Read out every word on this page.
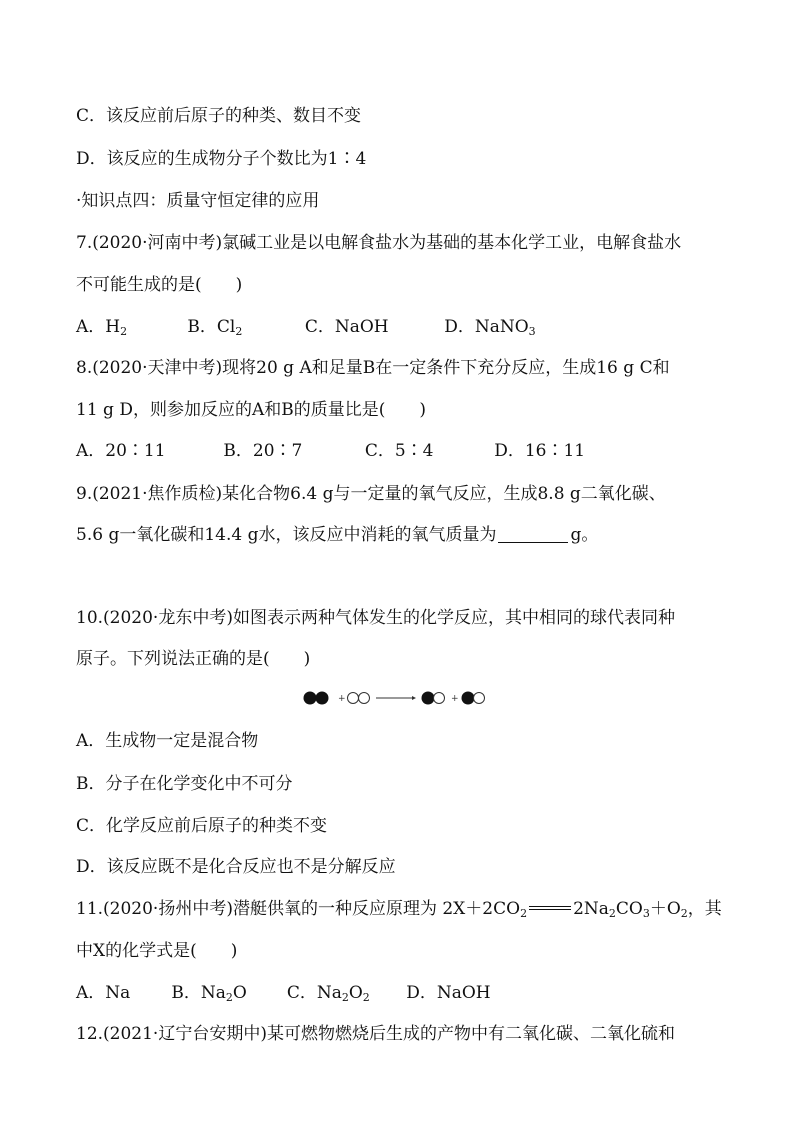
C．该反应前后原子的种类、数目不变
D．该反应的生成物分子个数比为1∶4
·知识点四：质量守恒定律的应用
7.(2020·河南中考)氯碱工业是以电解食盐水为基础的基本化学工业，电解食盐水
不可能生成的是(　　)
A．$H_2$	B．$Cl_2$	C．NaOH	D．NaNO$_3$
8.(2020·天津中考)现将20 g A和足量B在一定条件下充分反应，生成16 g C和
11 g D，则参加反应的A和B的质量比是(　　)
A．20∶11	B．20∶7	C．5∶4	D．16∶11
9.(2021·焦作质检)某化合物6.4 g与一定量的氧气反应，生成8.8 g二氧化碳、
5.6 g一氧化碳和14.4 g水，该反应中消耗的氧气质量为	g。
10.(2020·龙东中考)如图表示两种气体发生的化学反应，其中相同的球代表同种
原子。下列说法正确的是(　　)
+	+
A．生成物一定是混合物
B．分子在化学变化中不可分
C．化学反应前后原子的种类不变
D．该反应既不是化合反应也不是分解反应
11.(2020·扬州中考)潜艇供氧的一种反应原理为 $2X+2CO_2$	$2Na_2CO_3+O_2$，其
中X的化学式是(　　)
A．Na B．$Na_2O$ C．$Na_2O_2$ D．NaOH
12.(2021·辽宁台安期中)某可燃物燃烧后生成的产物中有二氧化碳、二氧化硫和
